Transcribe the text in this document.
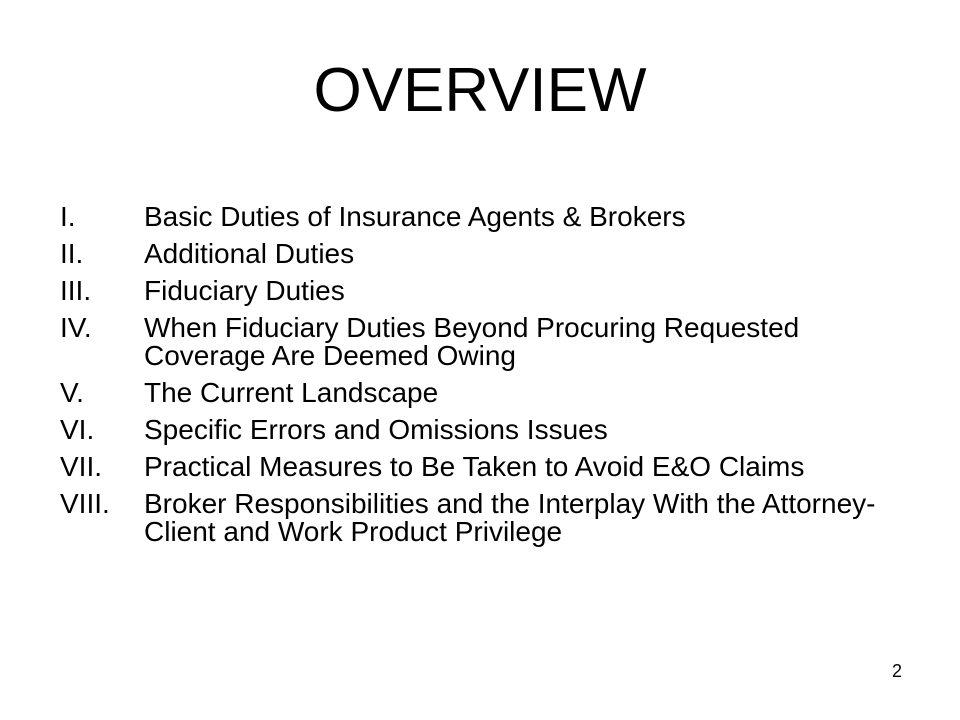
OVERVIEW
I.	Basic Duties of Insurance Agents & Brokers
II.	Additional Duties
III.	Fiduciary Duties
IV.	When Fiduciary Duties Beyond Procuring Requested Coverage Are Deemed Owing
V.	The Current Landscape
VI.	Specific Errors and Omissions Issues
VII.	Practical Measures to Be Taken to Avoid E&O Claims
VIII.	Broker Responsibilities and the Interplay With the Attorney-Client and Work Product Privilege
2
